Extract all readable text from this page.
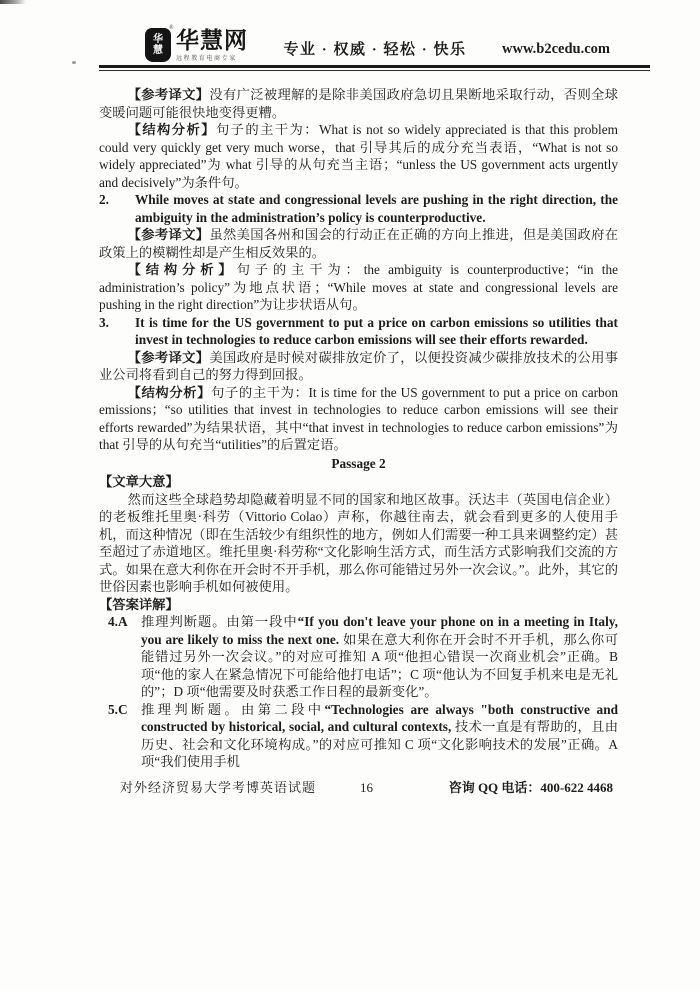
华
慧
® 华慧网
远程教育电商专家
专业 · 权威 · 轻松 · 快乐 www.b2cedu.com

【参考译文】没有广泛被理解的是除非美国政府急切且果断地采取行动，否则全球变暖问题可能很快地变得更糟。

【结构分析】句子的主干为：What is not so widely appreciated is that this problem could very quickly get very much worse，that 引导其后的成分充当表语，“What is not so widely appreciated”为 what 引导的从句充当主语；“unless the US government acts urgently and decisively”为条件句。

2. While moves at state and congressional levels are pushing in the right direction, the ambiguity in the administration’s policy is counterproductive.

【参考译文】虽然美国各州和国会的行动正在正确的方向上推进，但是美国政府在政策上的模糊性却是产生相反效果的。

【结构分析】句子的主干为：the ambiguity is counterproductive；“in the administration’s policy”为地点状语；“While moves at state and congressional levels are pushing in the right direction”为让步状语从句。

3. It is time for the US government to put a price on carbon emissions so utilities that invest in technologies to reduce carbon emissions will see their efforts rewarded.

【参考译文】美国政府是时候对碳排放定价了，以便投资减少碳排放技术的公用事业公司将看到自己的努力得到回报。

【结构分析】句子的主干为：It is time for the US government to put a price on carbon emissions；“so utilities that invest in technologies to reduce carbon emissions will see their efforts rewarded”为结果状语，其中“that invest in technologies to reduce carbon emissions”为 that 引导的从句充当“utilities”的后置定语。

Passage 2

【文章大意】

然而这些全球趋势却隐藏着明显不同的国家和地区故事。沃达丰（英国电信企业）的老板维托里奥·科劳（Vittorio Colao）声称，你越往南去，就会看到更多的人使用手机，而这种情况（即在生活较少有组织性的地方，例如人们需要一种工具来调整约定）甚至超过了赤道地区。维托里奥·科劳称“文化影响生活方式，而生活方式影响我们交流的方式。如果在意大利你在开会时不开手机，那么你可能错过另外一次会议。”。此外，其它的世俗因素也影响手机如何被使用。

【答案详解】

4.A	推理判断题。由第一段中“If you don't leave your phone on in a meeting in Italy, you are likely to miss the next one. 如果在意大利你在开会时不开手机，那么你可能错过另外一次会议。”的对应可推知 A 项“他担心错误一次商业机会”正确。B 项“他的家人在紧急情况下可能给他打电话”；C 项“他认为不回复手机来电是无礼的”；D 项“他需要及时获悉工作日程的最新变化”。

5.C	推理判断题。由第二段中“Technologies are always "both constructive and constructed by historical, social, and cultural contexts, 技术一直是有帮助的，且由历史、社会和文化环境构成。”的对应可推知 C 项“文化影响技术的发展”正确。A 项“我们使用手机

对外经济贸易大学考博英语试题	16	咨询 QQ 电话：400-622 4468
